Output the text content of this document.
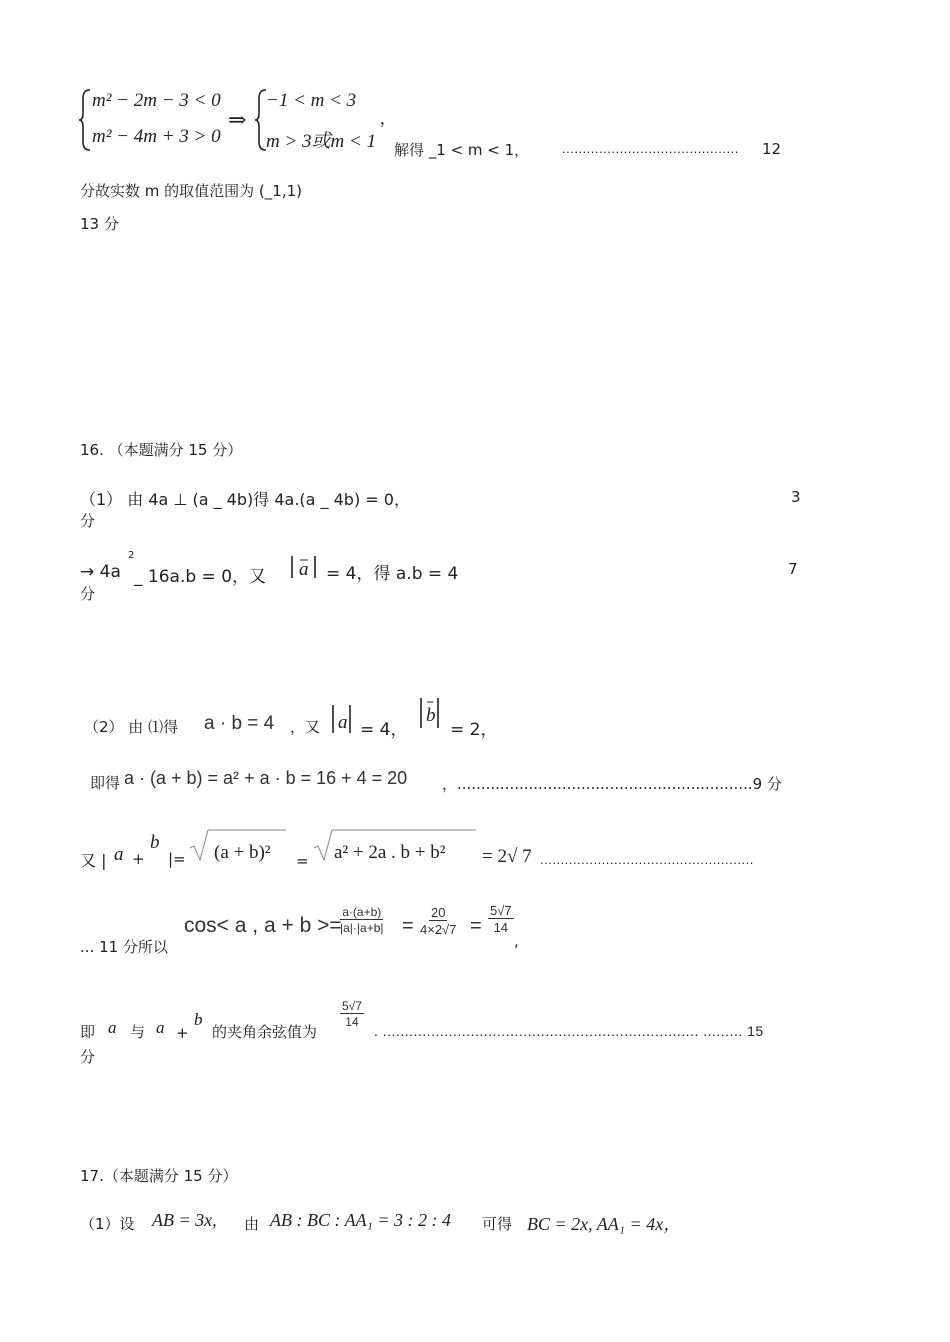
m² − 2m − 3 < 0
m² − 4m + 3 > 0
⇒
−1 < m < 3
m > 3或m < 1
,
解得 _1 < m < 1，	........................................... 12
分故实数 m 的取值范围为 (_1,1)
13 分
16. （本题满分 15 分）
（1） 由 4a ⊥ (a _ 4b)得 4a.(a _ 4b) = 0，	3
分
→ 4a
2
_ 16a.b = 0，又 a = 4，得 a.b = 4	7
分
（2） 由 ⑴得 a · b = 4 ，又 a = 4，
b
= 2，
即得 a · (a + b) = a² + a · b = 16 + 4 = 20 ，..............................................................9 分
又 | a +
b
|= (a + b)² = a² + 2a . b + b² = 2√ 7 ....................................................
... 11 分所以
cos< a , a + b >=
$\frac{a\cdot(a+b)}{|a|\cdot|a+b|} = \frac{20}{4\times 2√7} = \frac{5√7}{14}$
,
即 a 与 a +
b
的夹角余弦值为
$\frac{5√7}{14}$
. ........................................................................ ......... 15
分
17.（本题满分 15 分）
（1）设 AB = 3x, 由 AB : BC : AA₁ = 3 : 2 : 4 可得 BC = 2x, AA₁ = 4x，
